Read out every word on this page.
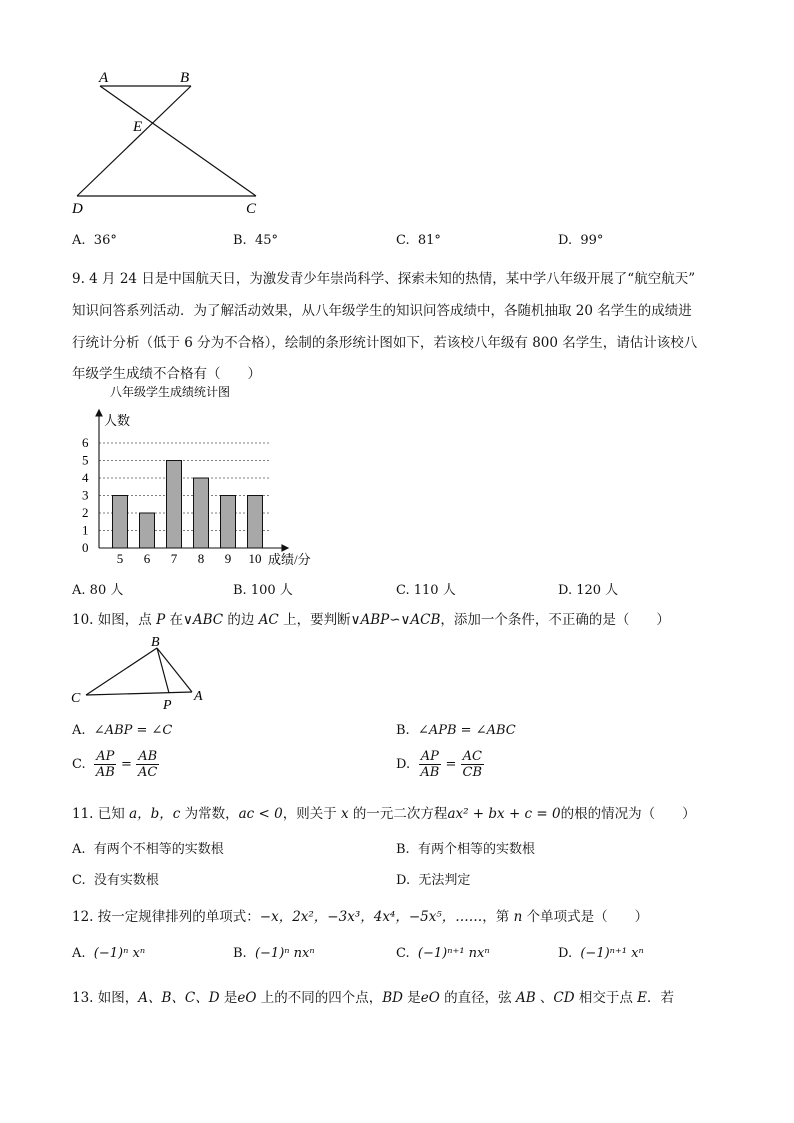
A	B
E
D	C
A. 36°	B. 45°	C. 81°	D. 99°
9. 4 月 24 日是中国航天日，为激发青少年崇尚科学、探索未知的热情，某中学八年级开展了“航空航天”
知识问答系列活动．为了解活动效果，从八年级学生的知识问答成绩中，各随机抽取 20 名学生的成绩进
行统计分析（低于 6 分为不合格），绘制的条形统计图如下，若该校八年级有 800 名学生，请估计该校八
年级学生成绩不合格有（　　）
八年级学生成绩统计图
人数
成绩/分
0
1
2
3
4
5
6
5 6 7 8 9 10
A. 80 人	B. 100 人	C. 110 人	D. 120 人
10. 如图，点 P 在∨ABC 的边 AC 上，要判断∨ABP∽∨ACB，添加一个条件，不正确的是（　　）
B
C	P
A
A. ∠ABP = ∠C	B. ∠APB = ∠ABC
C. $\frac{AP}{AB} = \frac{AB}{AC}$	D. $\frac{AP}{AB} = \frac{AC}{CB}$
11. 已知 a，b，c 为常数，ac < 0，则关于 x 的一元二次方程ax² + bx + c = 0的根的情况为（　　）
A. 有两个不相等的实数根	B. 有两个相等的实数根
C. 没有实数根	D. 无法判定
12. 按一定规律排列的单项式：−x，2x²，−3x³，4x⁴，−5x⁵，……，第 n 个单项式是（　　）
A. (−1)ⁿ xⁿ	B. (−1)ⁿ nxⁿ	C. (−1)ⁿ⁺¹ nxⁿ	D. (−1)ⁿ⁺¹ xⁿ
13. 如图，A、B、C、D 是eO 上的不同的四个点，BD 是eO 的直径，弦 AB 、CD 相交于点 E．若
